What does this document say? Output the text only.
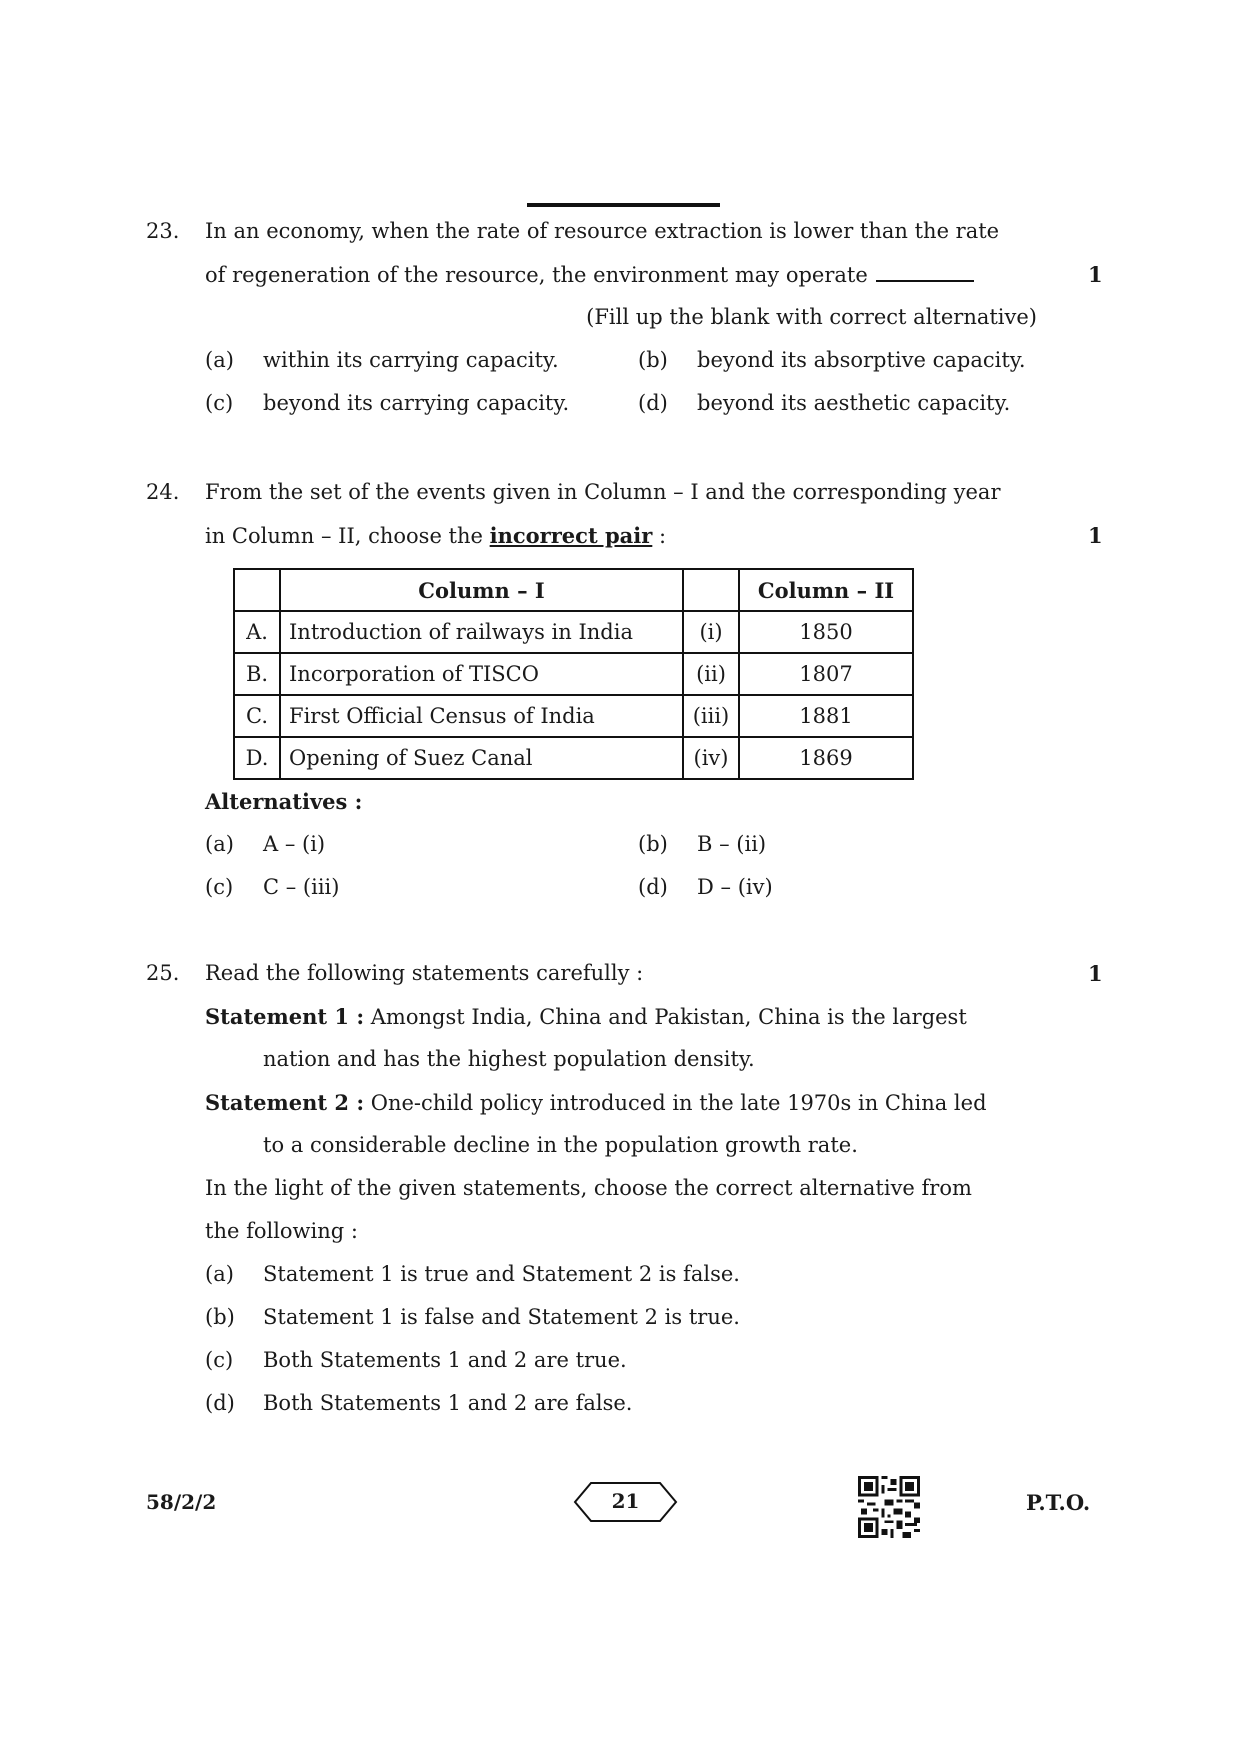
23. In an economy, when the rate of resource extraction is lower than the rate
of regeneration of the resource, the environment may operate	1
(Fill up the blank with correct alternative)
(a) within its carrying capacity.	(b) beyond its absorptive capacity.
(c) beyond its carrying capacity.	(d) beyond its aesthetic capacity.
24. From the set of the events given in Column – I and the corresponding year
in Column – II, choose the incorrect pair :	1
	Column – I		Column – II
A.	Introduction of railways in India	(i)	1850
B.	Incorporation of TISCO	(ii)	1807
C.	First Official Census of India	(iii)	1881
D.	Opening of Suez Canal	(iv)	1869
Alternatives :
(a) A – (i)	(b) B – (ii)
(c) C – (iii)	(d) D – (iv)
25. Read the following statements carefully :	1
Statement 1 : Amongst India, China and Pakistan, China is the largest
nation and has the highest population density.
Statement 2 : One-child policy introduced in the late 1970s in China led
to a considerable decline in the population growth rate.
In the light of the given statements, choose the correct alternative from
the following :
(a) Statement 1 is true and Statement 2 is false.
(b) Statement 1 is false and Statement 2 is true.
(c) Both Statements 1 and 2 are true.
(d) Both Statements 1 and 2 are false.
58/2/2	21	P.T.O.
